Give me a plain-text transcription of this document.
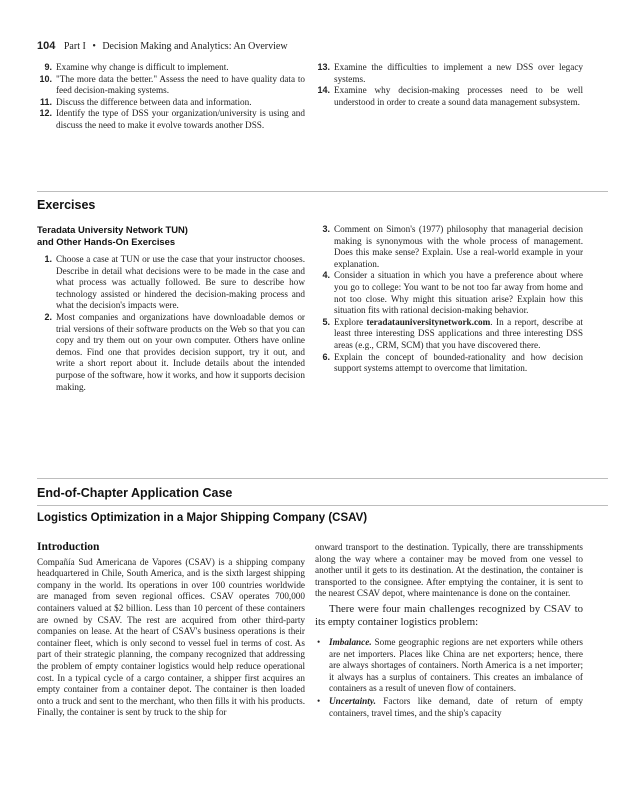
104 Part I • Decision Making and Analytics: An Overview
9. Examine why change is difficult to implement.
10. "The more data the better." Assess the need to have quality data to feed decision-making systems.
11. Discuss the difference between data and information.
12. Identify the type of DSS your organization/university is using and discuss the need to make it evolve towards another DSS.
13. Examine the difficulties to implement a new DSS over legacy systems.
14. Examine why decision-making processes need to be well understood in order to create a sound data management subsystem.
Exercises
Teradata University Network TUN)
and Other Hands-On Exercises
1. Choose a case at TUN or use the case that your instructor chooses. Describe in detail what decisions were to be made in the case and what process was actually followed. Be sure to describe how technology assisted or hindered the decision-making process and what the decision's impacts were.
2. Most companies and organizations have downloadable demos or trial versions of their software products on the Web so that you can copy and try them out on your own computer. Others have online demos. Find one that provides decision support, try it out, and write a short report about it. Include details about the intended purpose of the software, how it works, and how it supports decision making.
3. Comment on Simon's (1977) philosophy that managerial decision making is synonymous with the whole process of management. Does this make sense? Explain. Use a real-world example in your explanation.
4. Consider a situation in which you have a preference about where you go to college: You want to be not too far away from home and not too close. Why might this situation arise? Explain how this situation fits with rational decision-making behavior.
5. Explore teradatauniversitynetwork.com. In a report, describe at least three interesting DSS applications and three interesting DSS areas (e.g., CRM, SCM) that you have discovered there.
6. Explain the concept of bounded-rationality and how decision support systems attempt to overcome that limitation.
End-of-Chapter Application Case
Logistics Optimization in a Major Shipping Company (CSAV)
Introduction

Compañía Sud Americana de Vapores (CSAV) is a shipping company headquartered in Chile, South America, and is the sixth largest shipping company in the world. Its operations in over 100 countries worldwide are managed from seven regional offices. CSAV operates 700,000 containers valued at $2 billion. Less than 10 percent of these containers are owned by CSAV. The rest are acquired from other third-party companies on lease. At the heart of CSAV's business operations is their container fleet, which is only second to vessel fuel in terms of cost. As part of their strategic planning, the company recognized that addressing the problem of empty container logistics would help reduce operational cost. In a typical cycle of a cargo container, a shipper first acquires an empty container from a container depot. The container is then loaded onto a truck and sent to the merchant, who then fills it with his products. Finally, the container is sent by truck to the ship for

onward transport to the destination. Typically, there are transshipments along the way where a container may be moved from one vessel to another until it gets to its destination. At the destination, the container is transported to the consignee. After emptying the container, it is sent to the nearest CSAV depot, where maintenance is done on the container.

There were four main challenges recognized by CSAV to its empty container logistics problem:

• Imbalance. Some geographic regions are net exporters while others are net importers. Places like China are net exporters; hence, there are always shortages of containers. North America is a net importer; it always has a surplus of containers. This creates an imbalance of containers as a result of uneven flow of containers.
• Uncertainty. Factors like demand, date of return of empty containers, travel times, and the ship's capacity
